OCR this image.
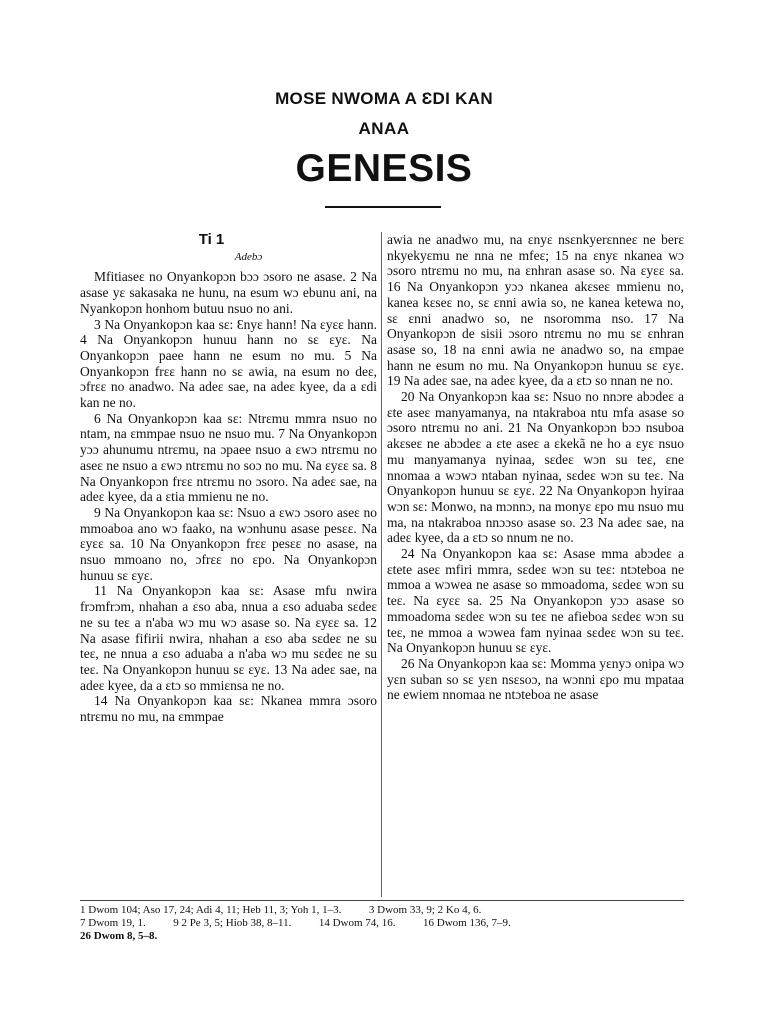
MOSE NWOMA A ƐDI KAN
ANAA
GENESIS
Ti 1
Adebɔ

Mfitiaseɛ no Onyankopɔn bɔɔ ɔsoro ne asase. 2 Na asase yɛ sakasaka ne hunu, na esum wɔ ebunu ani, na Nyankopɔn honhom butuu nsuo no ani.

3 Na Onyankopɔn kaa sɛ: Ɛnyɛ hann! Na ɛyɛɛ hann. 4 Na Onyankopɔn hunuu hann no sɛ ɛyɛ. Na Onyankopɔn paee hann ne esum no mu. 5 Na Onyankopɔn frɛɛ hann no sɛ awia, na esum no deɛ, ɔfrɛɛ no anadwo. Na adeɛ sae, na adeɛ kyee, da a ɛdi kan ne no.

6 Na Onyankopɔn kaa sɛ: Ntrɛmu mmra nsuo no ntam, na ɛmmpae nsuo ne nsuo mu. 7 Na Onyankopɔn yɔɔ ahunumu ntrɛmu, na ɔpaee nsuo a ɛwɔ ntrɛmu no aseɛ ne nsuo a ɛwɔ ntrɛmu no soɔ no mu. Na ɛyɛɛ sa. 8 Na Onyankopɔn frɛɛ ntrɛmu no ɔsoro. Na adeɛ sae, na adeɛ kyee, da a ɛtia mmienu ne no.

9 Na Onyankopɔn kaa sɛ: Nsuo a ɛwɔ ɔsoro aseɛ no mmoaboa ano wɔ faako, na wɔnhunu asase pesɛɛ. Na ɛyɛɛ sa. 10 Na Onyankopɔn frɛɛ pesɛɛ no asase, na nsuo mmoano no, ɔfrɛɛ no ɛpo. Na Onyankopɔn hunuu sɛ ɛyɛ.

11 Na Onyankopɔn kaa sɛ: Asase mfu nwira frɔmfrɔm, nhahan a ɛso aba, nnua a ɛso aduaba sɛdeɛ ne su teɛ a n'aba wɔ mu wɔ asase so. Na ɛyɛɛ sa. 12 Na asase fifirii nwira, nhahan a ɛso aba sɛdeɛ ne su teɛ, ne nnua a ɛso aduaba a n'aba wɔ mu sɛdeɛ ne su teɛ. Na Onyankopɔn hunuu sɛ ɛyɛ. 13 Na adeɛ sae, na adeɛ kyee, da a ɛtɔ so mmiɛnsa ne no.

14 Na Onyankopɔn kaa sɛ: Nkanea mmra ɔsoro ntrɛmu no mu, na ɛmmpae

awia ne anadwo mu, na ɛnyɛ nsɛnkyerɛnneɛ ne berɛ nkyekyɛmu ne nna ne mfeɛ; 15 na ɛnyɛ nkanea wɔ ɔsoro ntrɛmu no mu, na ɛnhran asase so. Na ɛyɛɛ sa. 16 Na Onyankopɔn yɔɔ nkanea akɛseɛ mmienu no, kanea kɛseɛ no, sɛ ɛnni awia so, ne kanea ketewa no, sɛ ɛnni anadwo so, ne nsoromma nso. 17 Na Onyankopɔn de sisii ɔsoro ntrɛmu no mu sɛ ɛnhran asase so, 18 na ɛnni awia ne anadwo so, na ɛmpae hann ne esum no mu. Na Onyankopɔn hunuu sɛ ɛyɛ. 19 Na adeɛ sae, na adeɛ kyee, da a ɛtɔ so nnan ne no.

20 Na Onyankopɔn kaa sɛ: Nsuo no nnɔre abɔdeɛ a ɛte aseɛ manyamanya, na ntakraboa ntu mfa asase so ɔsoro ntrɛmu no ani. 21 Na Onyankopɔn bɔɔ nsuboa akɛseɛ ne abɔdeɛ a ɛte aseɛ a ɛkekã ne ho a ɛyɛ nsuo mu manyamanya nyinaa, sɛdeɛ wɔn su teɛ, ɛne nnomaa a wɔwɔ ntaban nyinaa, sɛdeɛ wɔn su teɛ. Na Onyankopɔn hunuu sɛ ɛyɛ. 22 Na Onyankopɔn hyiraa wɔn sɛ: Monwo, na mɔnnɔ, na monyɛ ɛpo mu nsuo mu ma, na ntakraboa nnɔɔso asase so. 23 Na adeɛ sae, na adeɛ kyee, da a ɛtɔ so nnum ne no.

24 Na Onyankopɔn kaa sɛ: Asase mma abɔdeɛ a ɛtete aseɛ mfiri mmra, sɛdeɛ wɔn su teɛ: ntɔteboa ne mmoa a wɔwea ne asase so mmoadoma, sɛdeɛ wɔn su teɛ. Na ɛyɛɛ sa. 25 Na Onyankopɔn yɔɔ asase so mmoadoma sɛdeɛ wɔn su teɛ ne afieboa sɛdeɛ wɔn su teɛ, ne mmoa a wɔwea fam nyinaa sɛdeɛ wɔn su teɛ. Na Onyankopɔn hunuu sɛ ɛyɛ.

26 Na Onyankopɔn kaa sɛ: Momma yɛnyɔ onipa wɔ yɛn suban so sɛ yɛn nsɛsoɔ, na wɔnni ɛpo mu mpataa ne ewiem nnomaa ne ntɔteboa ne asase

1 Dwom 104; Aso 17, 24; Adi 4, 11; Heb 11, 3; Yoh 1, 1–3.          3 Dwom 33, 9; 2 Ko 4, 6.
7 Dwom 19, 1.          9 2 Pe 3, 5; Hiob 38, 8–11.          14 Dwom 74, 16.          16 Dwom 136, 7–9.
26 Dwom 8, 5–8.
